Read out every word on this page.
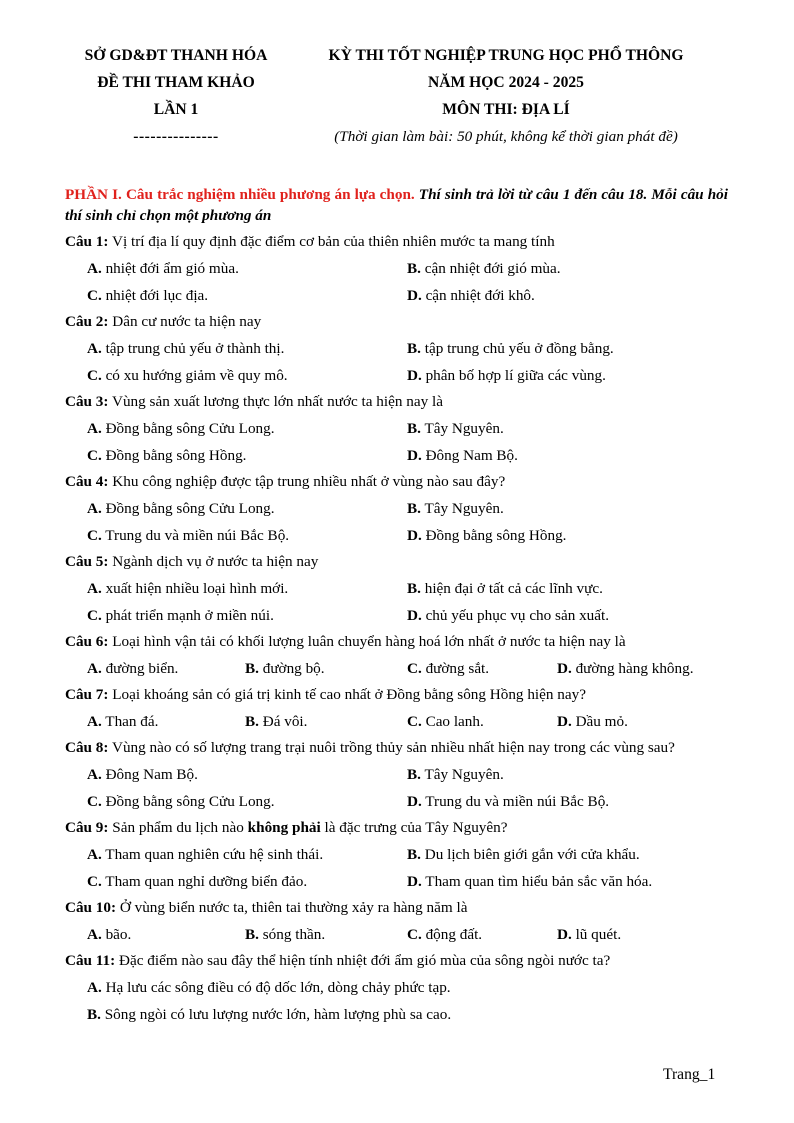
SỞ GD&ĐT THANH HÓA	KỲ THI TỐT NGHIỆP TRUNG HỌC PHỔ THÔNG
ĐỀ THI THAM KHẢO	NĂM HỌC 2024 - 2025
LẦN 1	MÔN THI: ĐỊA LÍ
---------------	(Thời gian làm bài: 50 phút, không kể thời gian phát đề)
PHẦN I. Câu trắc nghiệm nhiều phương án lựa chọn. Thí sinh trả lời từ câu 1 đến câu 18. Mỗi câu hỏi thí sinh chỉ chọn một phương án
Câu 1: Vị trí địa lí quy định đặc điểm cơ bản của thiên nhiên mước ta mang tính
A. nhiệt đới ẩm gió mùa.	B. cận nhiệt đới gió mùa.
C. nhiệt đới lục địa.	D. cận nhiệt đới khô.
Câu 2: Dân cư nước ta hiện nay
A. tập trung chủ yếu ở thành thị.	B. tập trung chủ yếu ở đồng bằng.
C. có xu hướng giảm về quy mô.	D. phân bố hợp lí giữa các vùng.
Câu 3: Vùng sản xuất lương thực lớn nhất nước ta hiện nay là
A. Đồng bằng sông Cửu Long.	B. Tây Nguyên.
C. Đồng bằng sông Hồng.	D. Đông Nam Bộ.
Câu 4: Khu công nghiệp được tập trung nhiều nhất ở vùng nào sau đây?
A. Đồng bằng sông Cửu Long.	B. Tây Nguyên.
C. Trung du và miền núi Bắc Bộ.	D. Đồng bằng sông Hồng.
Câu 5: Ngành dịch vụ ở nước ta hiện nay
A. xuất hiện nhiều loại hình mới.	B. hiện đại ở tất cả các lĩnh vực.
C. phát triển mạnh ở miền núi.	D. chủ yếu phục vụ cho sản xuất.
Câu 6: Loại hình vận tải có khối lượng luân chuyển hàng hoá lớn nhất ở nước ta hiện nay là
A. đường biển.	B. đường bộ.	C. đường sắt.	D. đường hàng không.
Câu 7: Loại khoáng sản có giá trị kinh tế cao nhất ở Đồng bằng sông Hồng hiện nay?
A. Than đá.	B. Đá vôi.	C. Cao lanh.	D. Dầu mỏ.
Câu 8: Vùng nào có số lượng trang trại nuôi trồng thủy sản nhiều nhất hiện nay trong các vùng sau?
A. Đông Nam Bộ.	B. Tây Nguyên.
C. Đồng bằng sông Cửu Long.	D. Trung du và miền núi Bắc Bộ.
Câu 9: Sản phẩm du lịch nào không phải là đặc trưng của Tây Nguyên?
A. Tham quan nghiên cứu hệ sinh thái.	B. Du lịch biên giới gắn với cửa khẩu.
C. Tham quan nghỉ dưỡng biển đảo.	D. Tham quan tìm hiểu bản sắc văn hóa.
Câu 10: Ở vùng biển nước ta, thiên tai thường xảy ra hàng năm là
A. bão.	B. sóng thần.	C. động đất.	D. lũ quét.
Câu 11: Đặc điểm nào sau đây thể hiện tính nhiệt đới ẩm gió mùa của sông ngòi nước ta?
A. Hạ lưu các sông điều có độ dốc lớn, dòng chảy phức tạp.
B. Sông ngòi có lưu lượng nước lớn, hàm lượng phù sa cao.
Trang_1
